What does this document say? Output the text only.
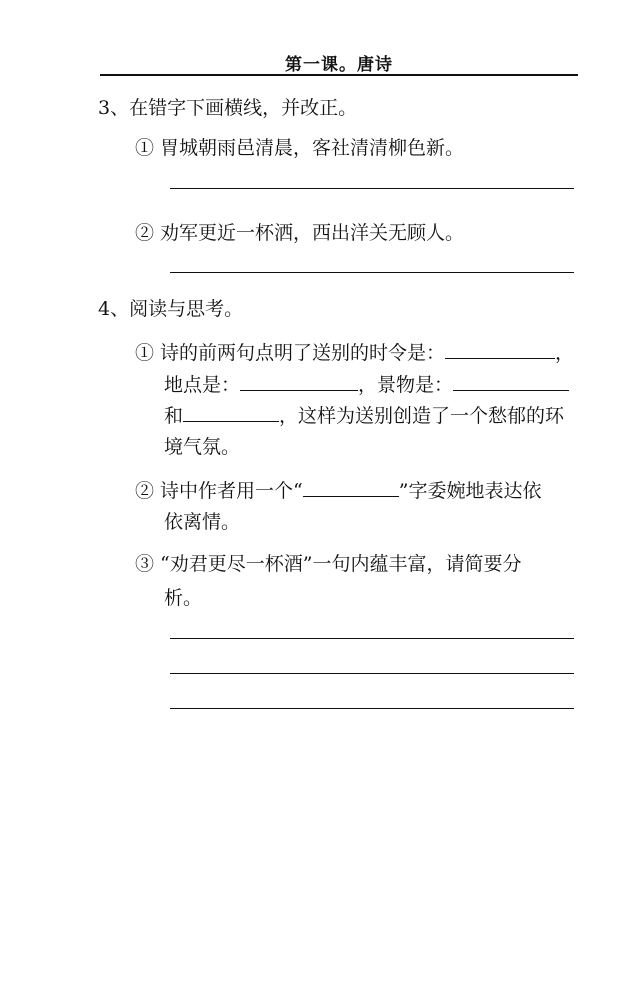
第一课。唐诗
3、在错字下画横线，并改正。
① 胃城朝雨邑清晨，客社清清柳色新。
② 劝军更近一杯洒，西出洋关无顾人。
4、阅读与思考。
① 诗的前两句点明了送别的时令是：	，
地点是：	，景物是：
和	，这样为送别创造了一个愁郁的环
境气氛。
② 诗中作者用一个“	”字委婉地表达依
依离情。
③ “劝君更尽一杯酒”一句内蕴丰富，请简要分
析。
